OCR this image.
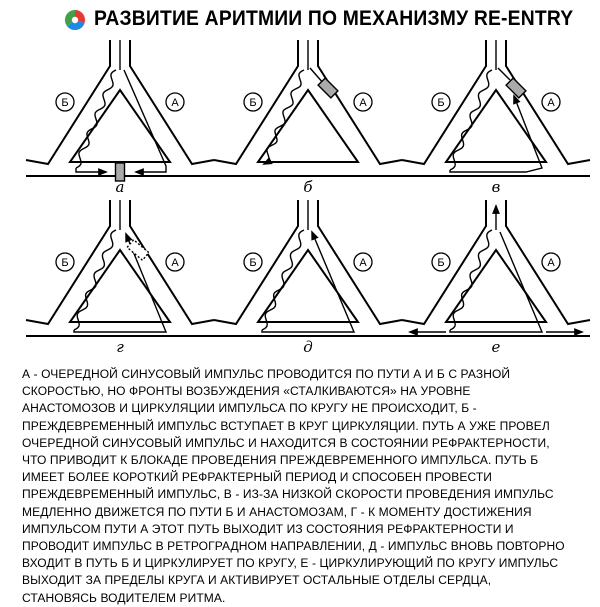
РАЗВИТИЕ АРИТМИИ ПО МЕХАНИЗМУ RE-ENTRY
Б	А
а
Б	А
б
Б	А
в
Б	А
г
Б	А
д
Б	А
е
А - ОЧЕРЕДНОЙ СИНУСОВЫЙ ИМПУЛЬС ПРОВОДИТСЯ ПО ПУТИ А И Б С РАЗНОЙ СКОРОСТЬЮ, НО ФРОНТЫ ВОЗБУЖДЕНИЯ «СТАЛКИВАЮТСЯ» НА УРОВНЕ АНАСТОМОЗОВ И ЦИРКУЛЯЦИИ ИМПУЛЬСА ПО КРУГУ НЕ ПРОИСХОДИТ, Б - ПРЕЖДЕВРЕМЕННЫЙ ИМПУЛЬС ВСТУПАЕТ В КРУГ ЦИРКУЛЯЦИИ. ПУТЬ А УЖЕ ПРОВЕЛ ОЧЕРЕДНОЙ СИНУСОВЫЙ ИМПУЛЬС И НАХОДИТСЯ В СОСТОЯНИИ РЕФРАКТЕРНОСТИ, ЧТО ПРИВОДИТ К БЛОКАДЕ ПРОВЕДЕНИЯ ПРЕЖДЕВРЕМЕННОГО ИМПУЛЬСА. ПУТЬ Б ИМЕЕТ БОЛЕЕ КОРОТКИЙ РЕФРАКТЕРНЫЙ ПЕРИОД И СПОСОБЕН ПРОВЕСТИ ПРЕЖДЕВРЕМЕННЫЙ ИМПУЛЬС, В - ИЗ-ЗА НИЗКОЙ СКОРОСТИ ПРОВЕДЕНИЯ ИМПУЛЬС МЕДЛЕННО ДВИЖЕТСЯ ПО ПУТИ Б И АНАСТОМОЗАМ, Г - К МОМЕНТУ ДОСТИЖЕНИЯ ИМПУЛЬСОМ ПУТИ А ЭТОТ ПУТЬ ВЫХОДИТ ИЗ СОСТОЯНИЯ РЕФРАКТЕРНОСТИ И ПРОВОДИТ ИМПУЛЬС В РЕТРОГРАДНОМ НАПРАВЛЕНИИ, Д - ИМПУЛЬС ВНОВЬ ПОВТОРНО ВХОДИТ В ПУТЬ Б И ЦИРКУЛИРУЕТ ПО КРУГУ, Е - ЦИРКУЛИРУЮЩИЙ ПО КРУГУ ИМПУЛЬС ВЫХОДИТ ЗА ПРЕДЕЛЫ КРУГА И АКТИВИРУЕТ ОСТАЛЬНЫЕ ОТДЕЛЫ СЕРДЦА, СТАНОВЯСЬ ВОДИТЕЛЕМ РИТМА.
